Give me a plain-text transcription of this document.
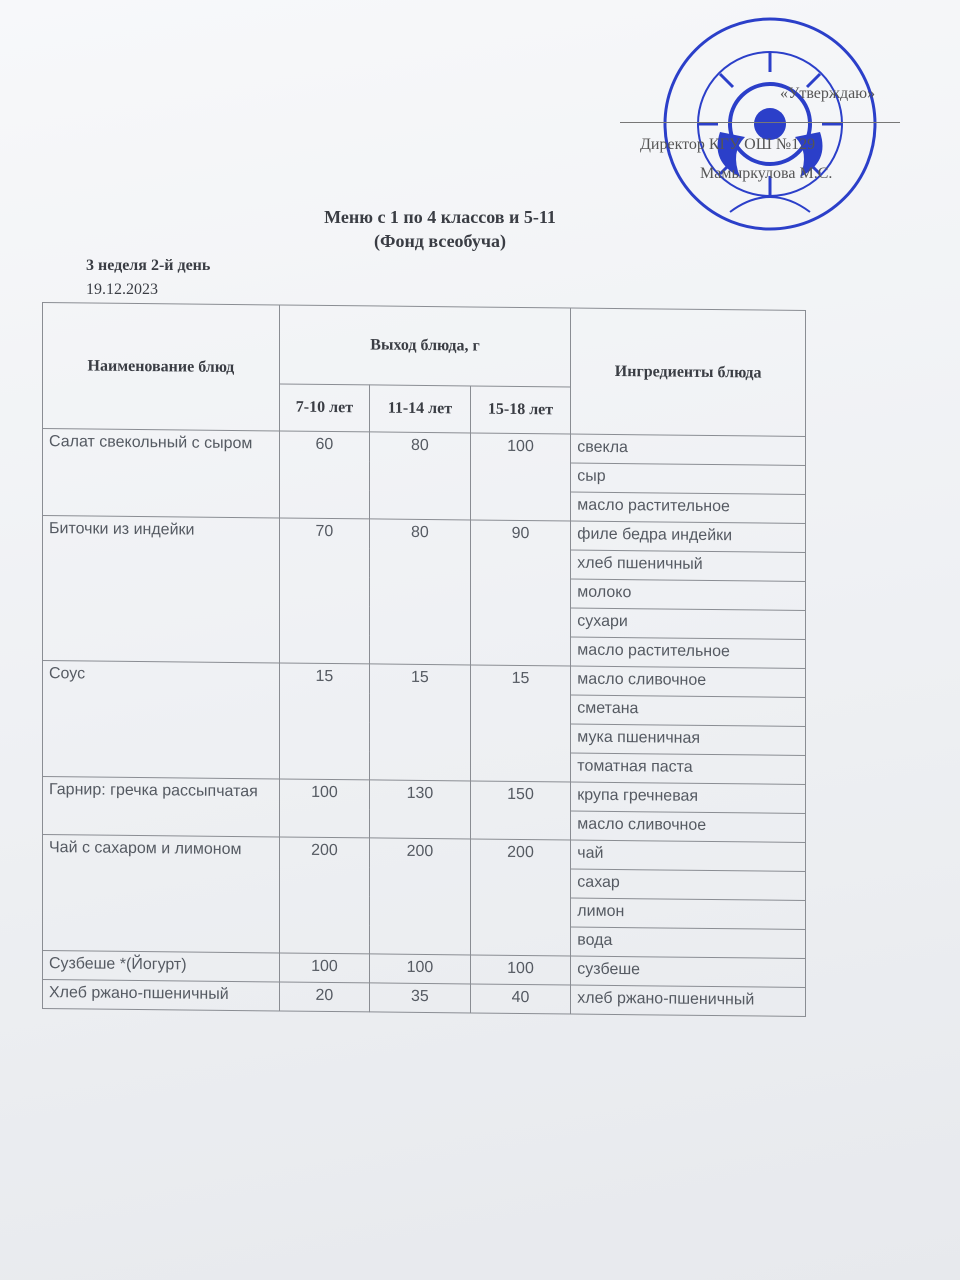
«Утверждаю»
Директор КГУ ОШ №129
Мамыркулова М.С.
Меню с 1 по 4 классов и 5-11
(Фонд всеобуча)
3 неделя 2-й день
19.12.2023
Наименование блюд	Выход блюда, г			Ингредиенты блюда
	7-10 лет	11-14 лет	15-18 лет	
Салат свекольный с сыром	60	80	100	свекла
				сыр
				масло растительное
Биточки из индейки	70	80	90	филе бедра индейки
				хлеб пшеничный
				молоко
				сухари
				масло растительное
Соус	15	15	15	масло сливочное
				сметана
				мука пшеничная
				томатная паста
Гарнир: гречка рассыпчатая	100	130	150	крупа гречневая
				масло сливочное
Чай с сахаром и лимоном	200	200	200	чай
				сахар
				лимон
				вода
Сузбеше *(Йогурт)	100	100	100	сузбеше
Хлеб ржано-пшеничный	20	35	40	хлеб ржано-пшеничный
